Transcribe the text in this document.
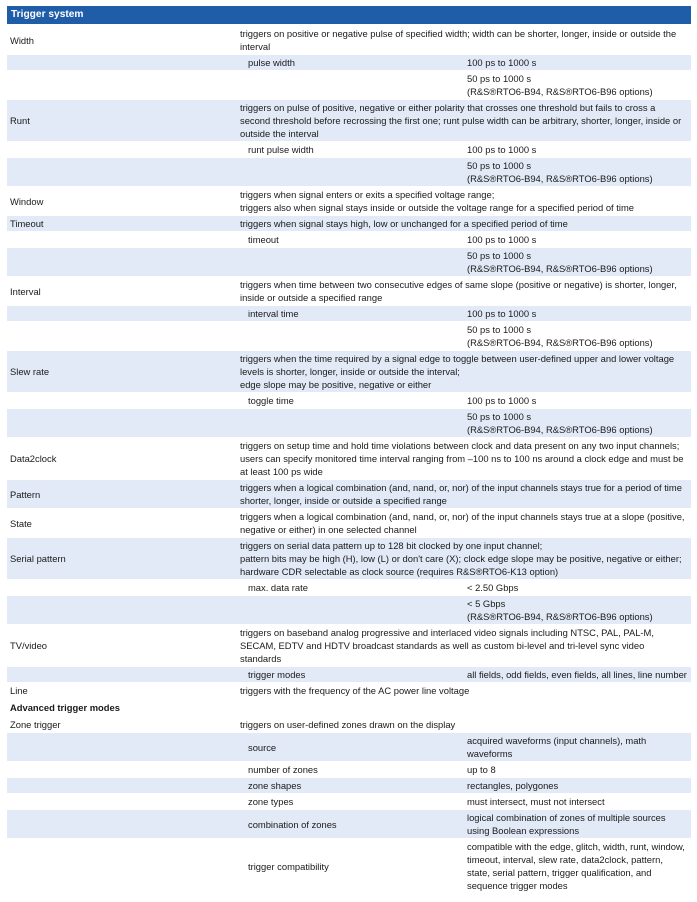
Trigger system
Width	triggers on positive or negative pulse of specified width; width can be shorter, longer, inside or outside the interval	

	pulse width	100 ps to 1000 s

		50 ps to 1000 s
(R&S®RTO6-B94, R&S®RTO6-B96 options)

Runt	triggers on pulse of positive, negative or either polarity that crosses one threshold but fails to cross a second threshold before recrossing the first one; runt pulse width can be arbitrary, shorter, longer, inside or outside the interval	

	runt pulse width	100 ps to 1000 s

		50 ps to 1000 s
(R&S®RTO6-B94, R&S®RTO6-B96 options)

Window	triggers when signal enters or exits a specified voltage range;
triggers also when signal stays inside or outside the voltage range for a specified period of time	

Timeout	triggers when signal stays high, low or unchanged for a specified period of time	

	timeout	100 ps to 1000 s

		50 ps to 1000 s
(R&S®RTO6-B94, R&S®RTO6-B96 options)

Interval	triggers when time between two consecutive edges of same slope (positive or negative) is shorter, longer, inside or outside a specified range	

	interval time	100 ps to 1000 s

		50 ps to 1000 s
(R&S®RTO6-B94, R&S®RTO6-B96 options)

Slew rate	triggers when the time required by a signal edge to toggle between user-defined upper and lower voltage levels is shorter, longer, inside or outside the interval;
edge slope may be positive, negative or either	

	toggle time	100 ps to 1000 s

		50 ps to 1000 s
(R&S®RTO6-B94, R&S®RTO6-B96 options)

Data2clock	triggers on setup time and hold time violations between clock and data present on any two input channels; users can specify monitored time interval ranging from –100 ns to 100 ns around a clock edge and must be at least 100 ps wide	

Pattern	triggers when a logical combination (and, nand, or, nor) of the input channels stays true for a period of time shorter, longer, inside or outside a specified range	

State	triggers when a logical combination (and, nand, or, nor) of the input channels stays true at a slope (positive, negative or either) in one selected channel	

Serial pattern	triggers on serial data pattern up to 128 bit clocked by one input channel;
pattern bits may be high (H), low (L) or don't care (X); clock edge slope may be positive, negative or either; hardware CDR selectable as clock source (requires R&S®RTO6-K13 option)	

	max. data rate	< 2.50 Gbps

		< 5 Gbps
(R&S®RTO6-B94, R&S®RTO6-B96 options)

TV/video	triggers on baseband analog progressive and interlaced video signals including NTSC, PAL, PAL-M, SECAM, EDTV and HDTV broadcast standards as well as custom bi-level and tri-level sync video standards	

	trigger modes	all fields, odd fields, even fields, all lines, line number

Line	triggers with the frequency of the AC power line voltage	

Advanced trigger modes		
Zone trigger	triggers on user-defined zones drawn on the display	

	source	acquired waveforms (input channels), math waveforms

	number of zones	up to 8

	zone shapes	rectangles, polygones

	zone types	must intersect, must not intersect

	combination of zones	logical combination of zones of multiple sources using Boolean expressions

	trigger compatibility	compatible with the edge, glitch, width, runt, window, timeout, interval, slew rate, data2clock, pattern, state, serial pattern, trigger qualification, and sequence trigger modes
